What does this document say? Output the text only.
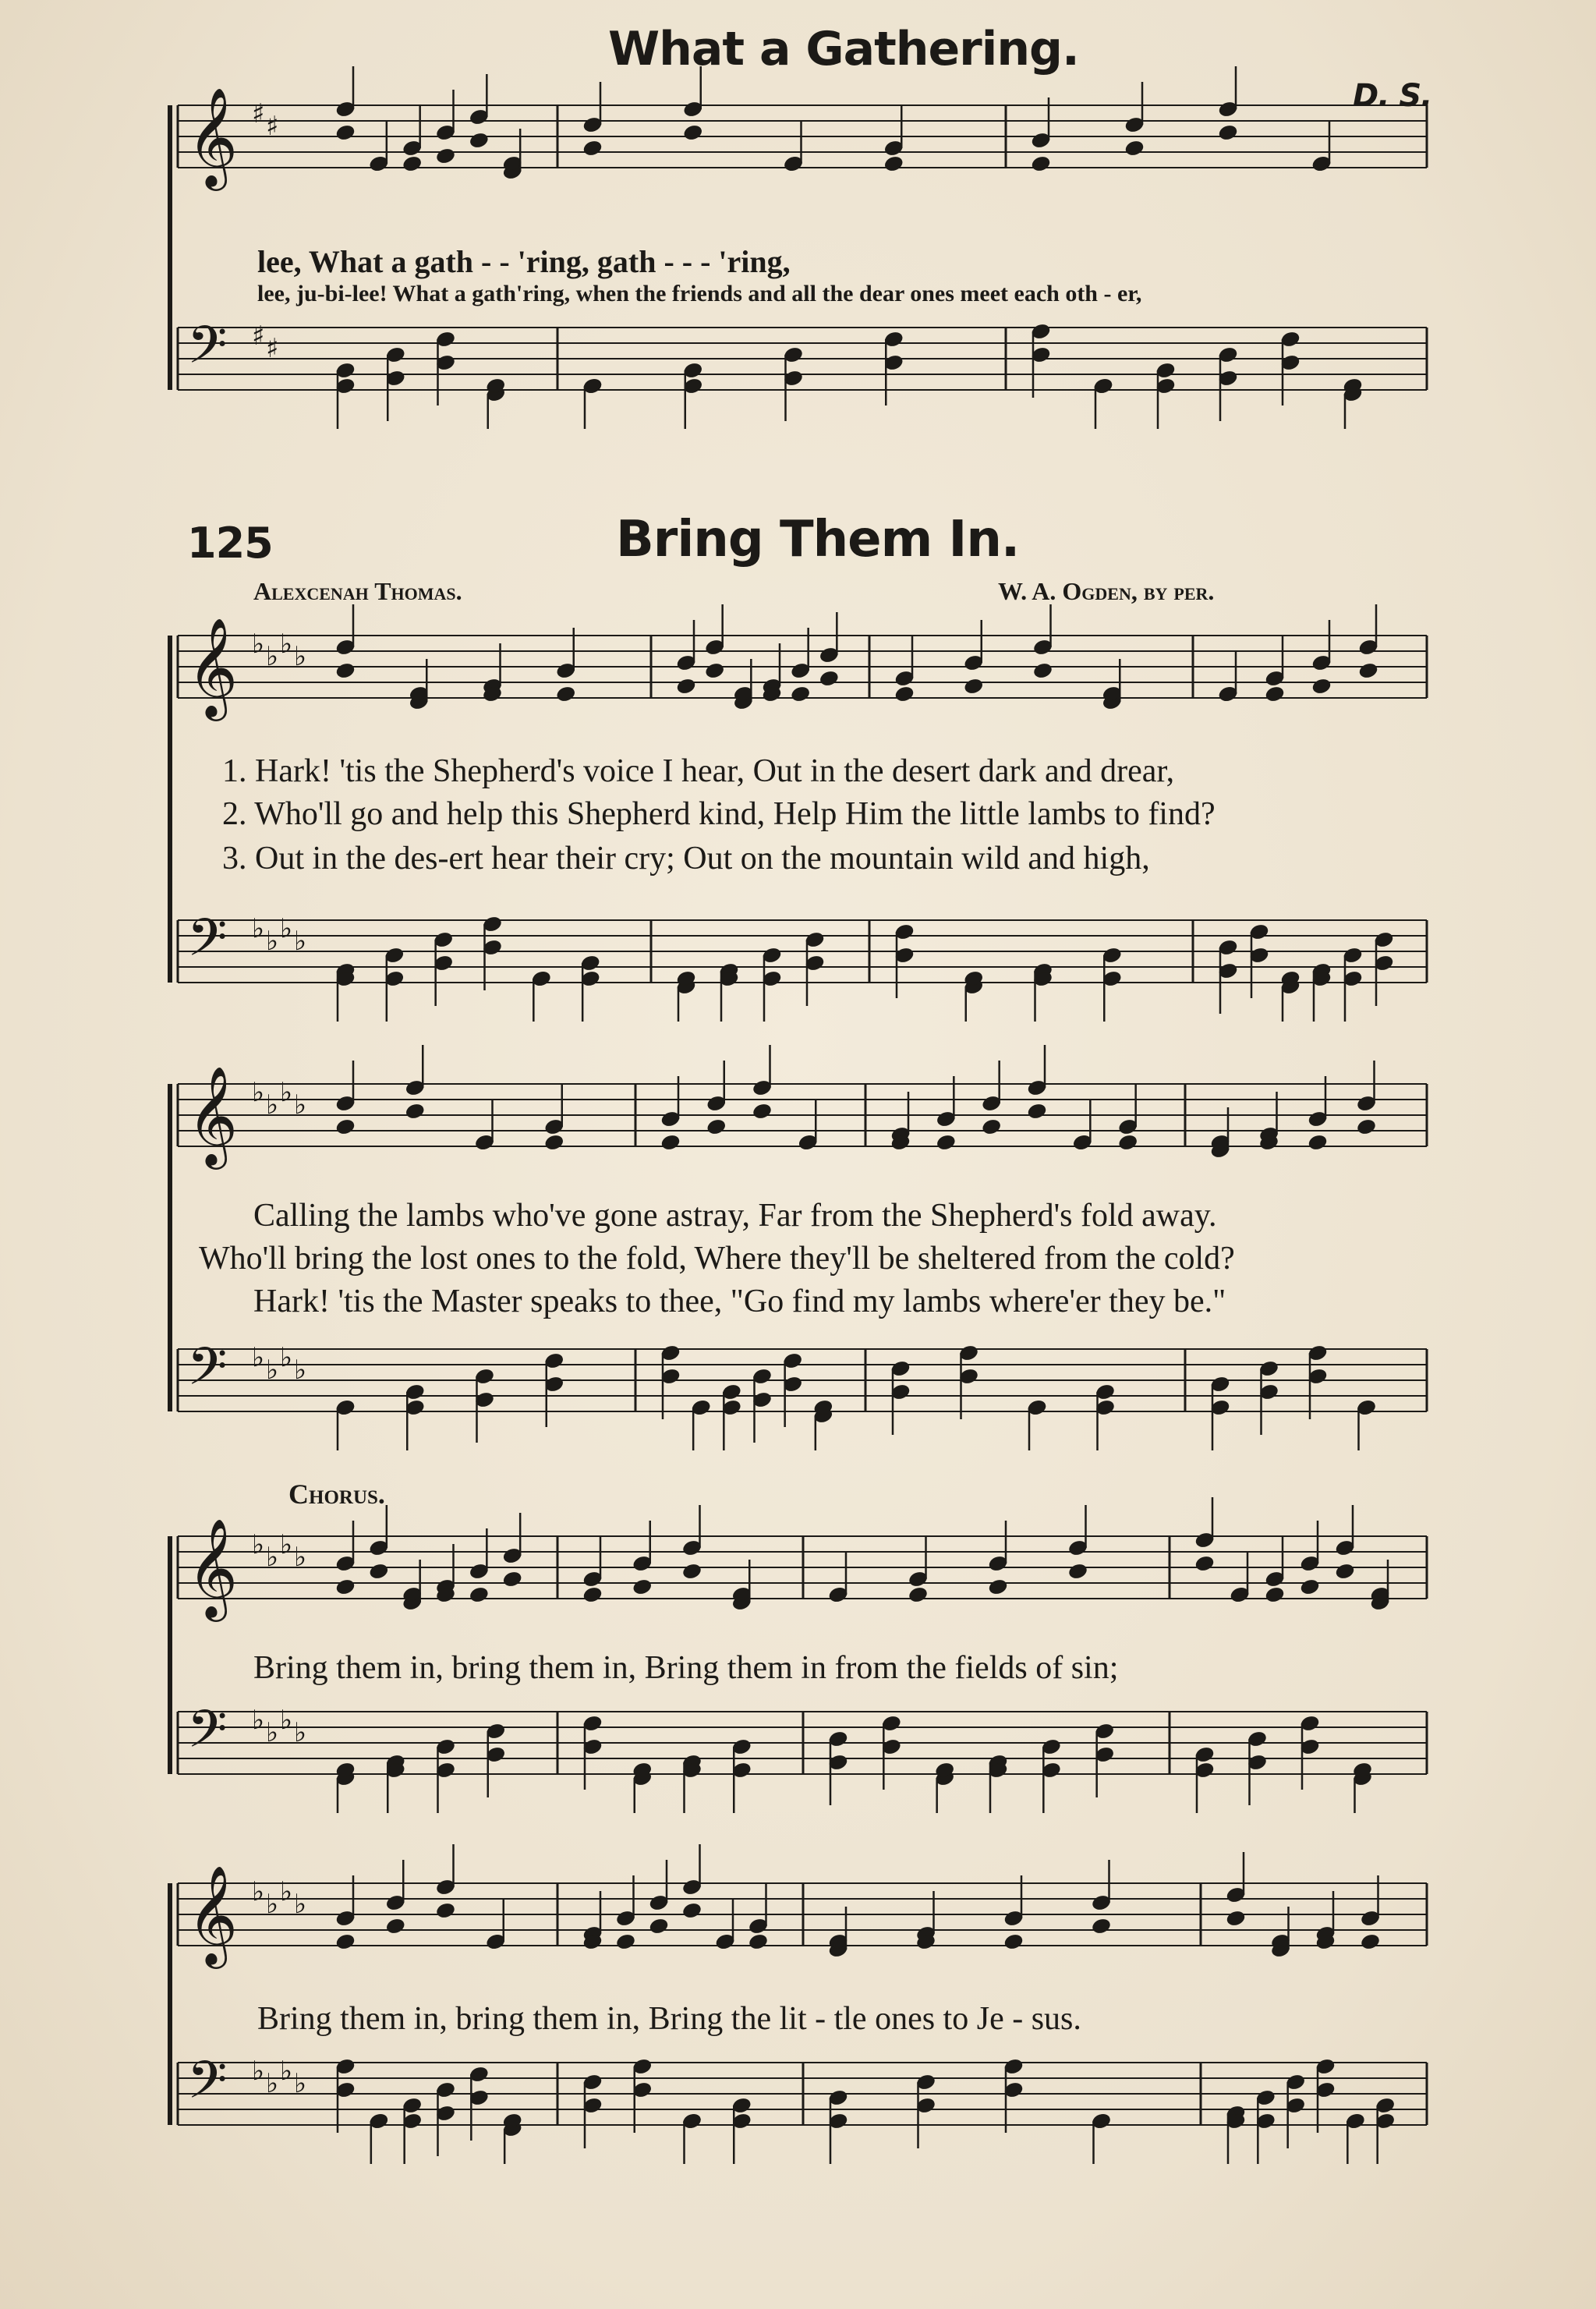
What a Gathering.
D. S.
lee, What a gath - - 'ring, gath - - - 'ring,
lee, ju-bi-lee! What a gath'ring, when the friends and all the dear ones meet each oth - er,
125	Bring Them In.
Alexcenah Thomas.	W. A. Ogden, by per.
1. Hark! 'tis the Shepherd's voice I hear, Out in the desert dark and drear,
2. Who'll go and help this Shepherd kind, Help Him the little lambs to find?
3. Out in the des-ert hear their cry; Out on the mountain wild and high,
Calling the lambs who've gone astray, Far from the Shepherd's fold away.
Who'll bring the lost ones to the fold, Where they'll be sheltered from the cold?
Hark! 'tis the Master speaks to thee, "Go find my lambs where'er they be."
Chorus.
Bring them in, bring them in, Bring them in from the fields of sin;
Bring them in, bring them in, Bring the lit - tle ones to Je - sus.
𝄞 ♯ ♯
𝄢 ♯ ♯
𝄞 ♭ ♭ ♭ ♭
𝄢 ♭ ♭ ♭ ♭
𝄞 ♭ ♭ ♭ ♭
𝄢 ♭ ♭ ♭ ♭
𝄞 ♭ ♭ ♭ ♭
𝄢 ♭ ♭ ♭ ♭
𝄞 ♭ ♭ ♭ ♭
𝄢 ♭ ♭ ♭ ♭
